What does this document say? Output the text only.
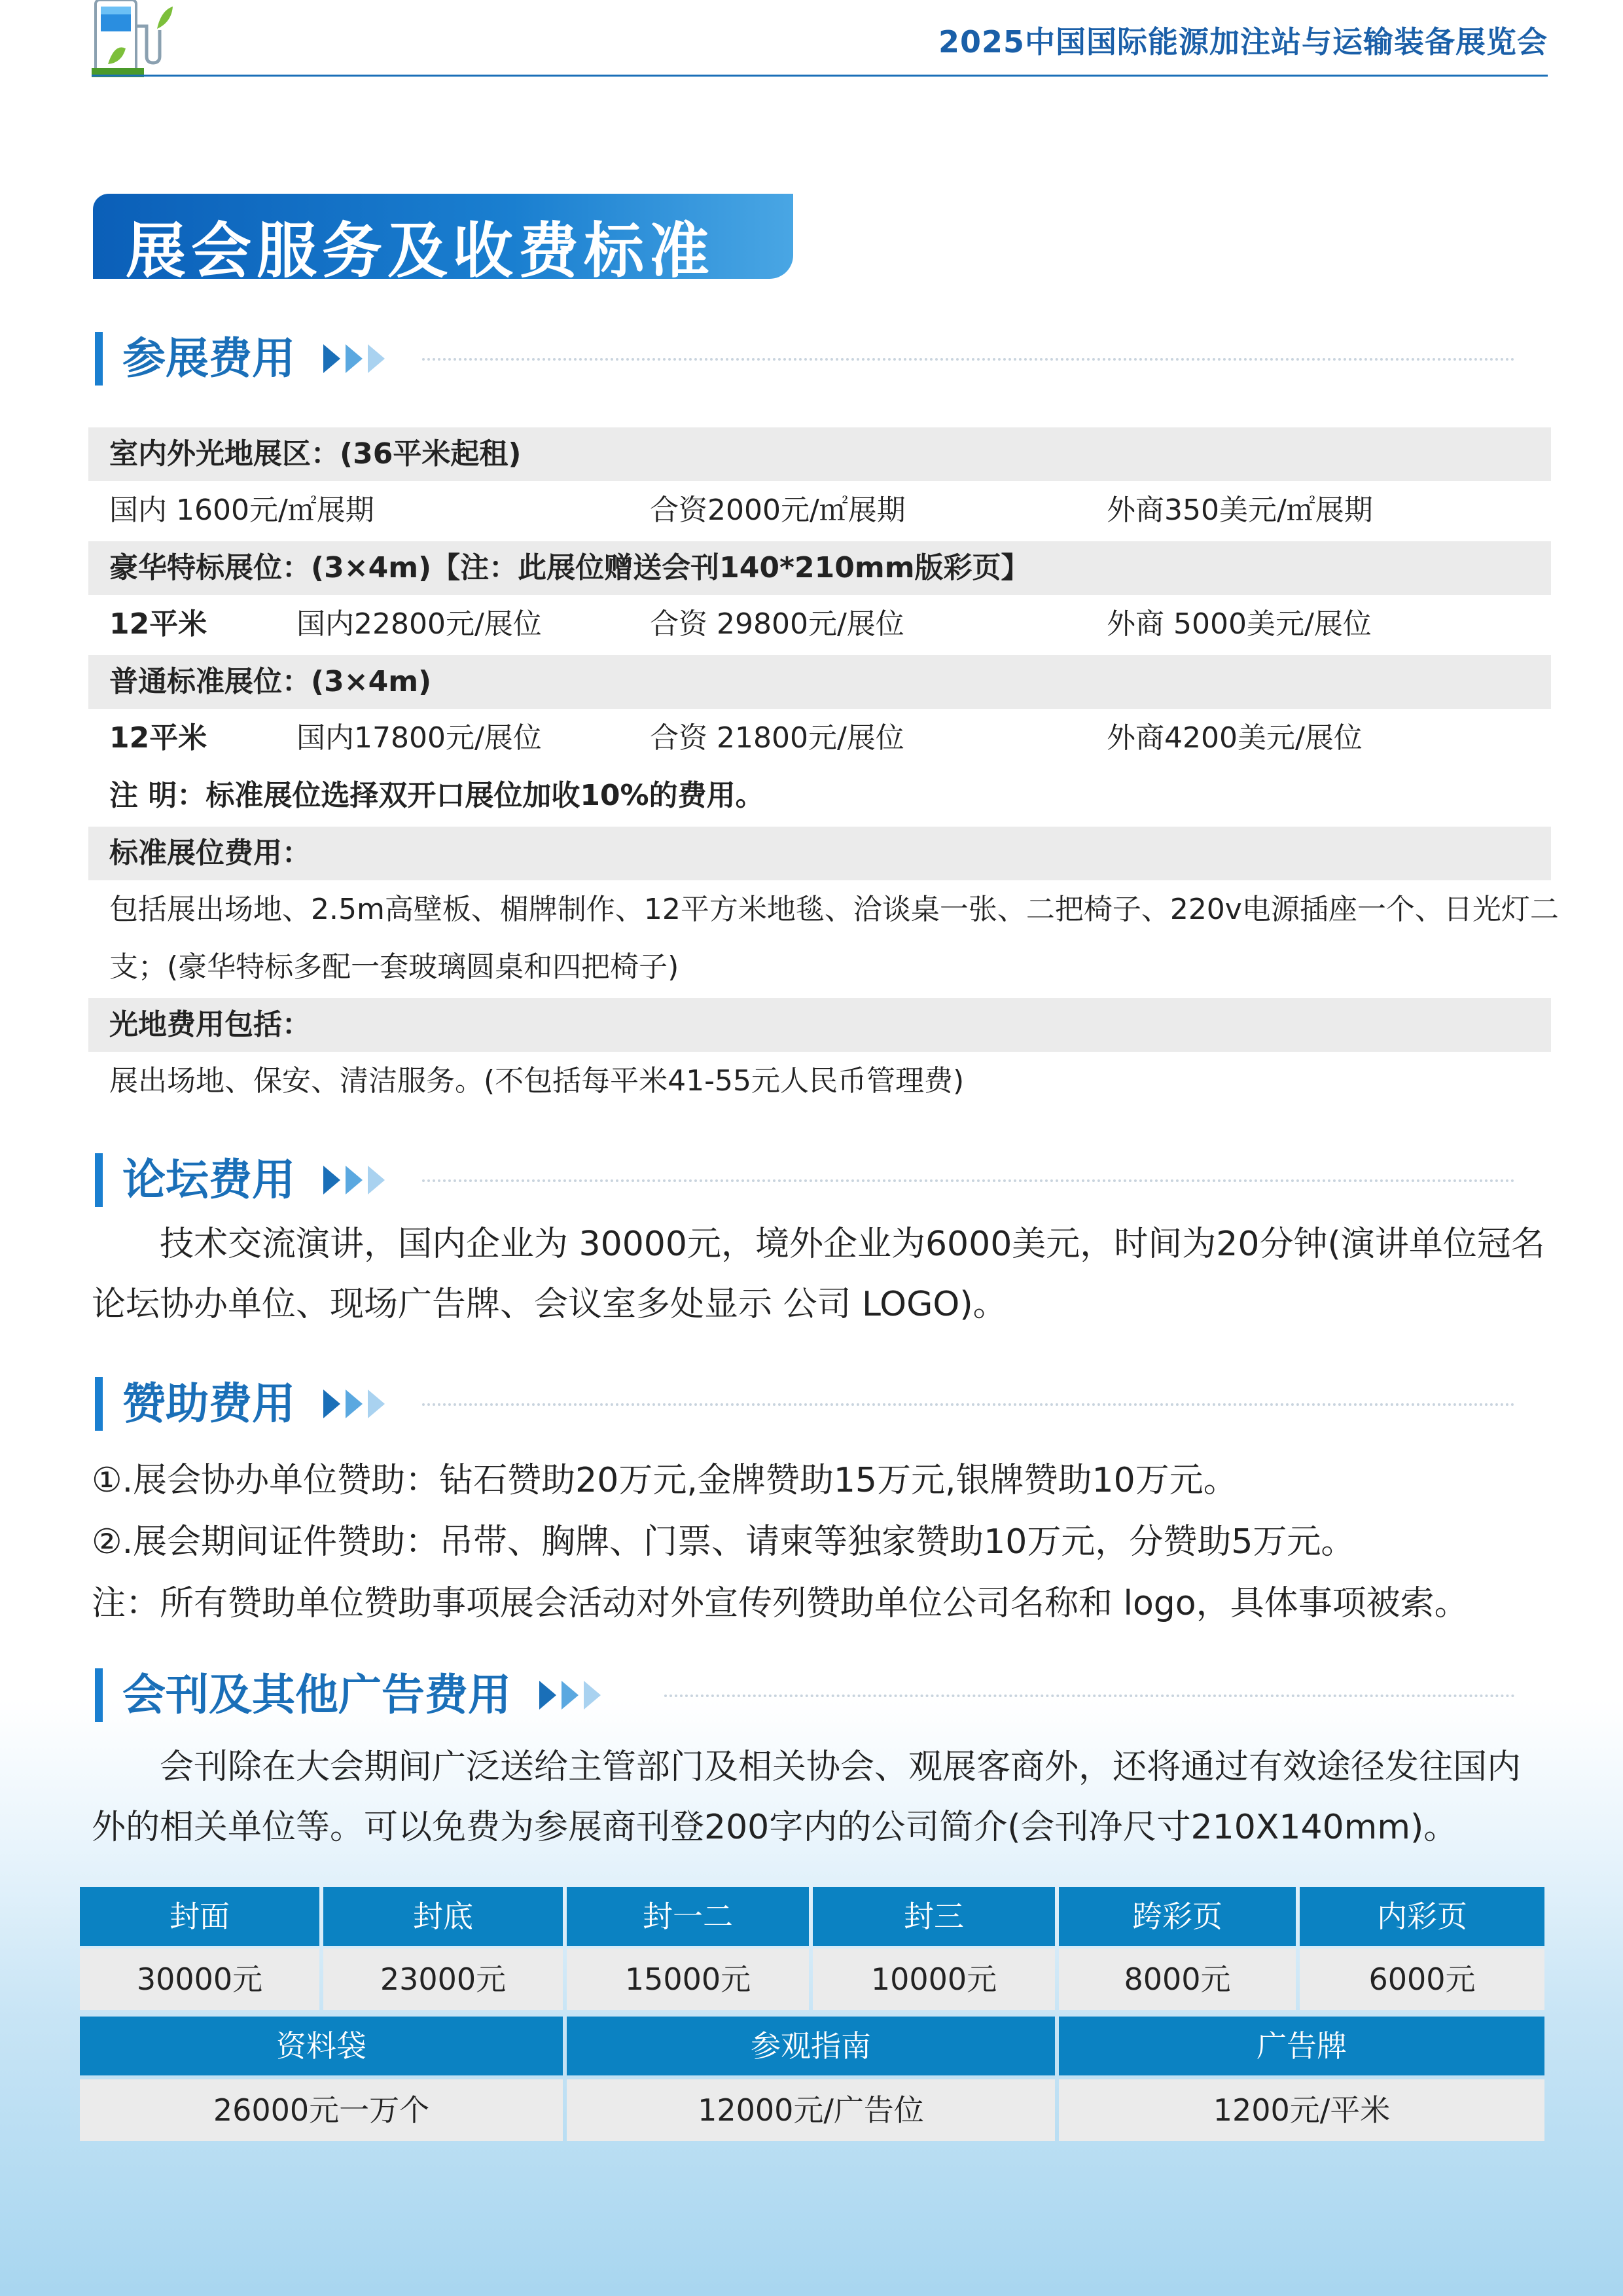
2025中国国际能源加注站与运输装备展览会
展会服务及收费标准
参展费用
室内外光地展区：(36平米起租)
国内 1600元/㎡展期	合资2000元/㎡展期	外商350美元/㎡展期
豪华特标展位：(3×4m)【注：此展位赠送会刊140*210mm版彩页】
12平米	国内22800元/展位	合资 29800元/展位	外商 5000美元/展位
普通标准展位：(3×4m)
12平米	国内17800元/展位	合资 21800元/展位	外商4200美元/展位
注 明：标准展位选择双开口展位加收10%的费用。
标准展位费用：
包括展出场地、2.5m高壁板、楣牌制作、12平方米地毯、洽谈桌一张、二把椅子、220v电源插座一个、日光灯二
支；(豪华特标多配一套玻璃圆桌和四把椅子)
光地费用包括：
展出场地、保安、清洁服务。(不包括每平米41-55元人民币管理费)
论坛费用
技术交流演讲，国内企业为 30000元，境外企业为6000美元，时间为20分钟(演讲单位冠名论坛协办单位、现场广告牌、会议室多处显示 公司 LOGO)。
赞助费用
①.展会协办单位赞助：钻石赞助20万元,金牌赞助15万元,银牌赞助10万元。
②.展会期间证件赞助：吊带、胸牌、门票、请柬等独家赞助10万元，分赞助5万元。
注：所有赞助单位赞助事项展会活动对外宣传列赞助单位公司名称和 logo，具体事项被索。
会刊及其他广告费用
会刊除在大会期间广泛送给主管部门及相关协会、观展客商外，还将通过有效途径发往国内外的相关单位等。可以免费为参展商刊登200字内的公司简介(会刊净尺寸210X140mm)。
封面	封底	封一二	封三	跨彩页	内彩页
30000元	23000元	15000元	10000元	8000元	6000元
资料袋	参观指南	广告牌
26000元一万个	12000元/广告位	1200元/平米
